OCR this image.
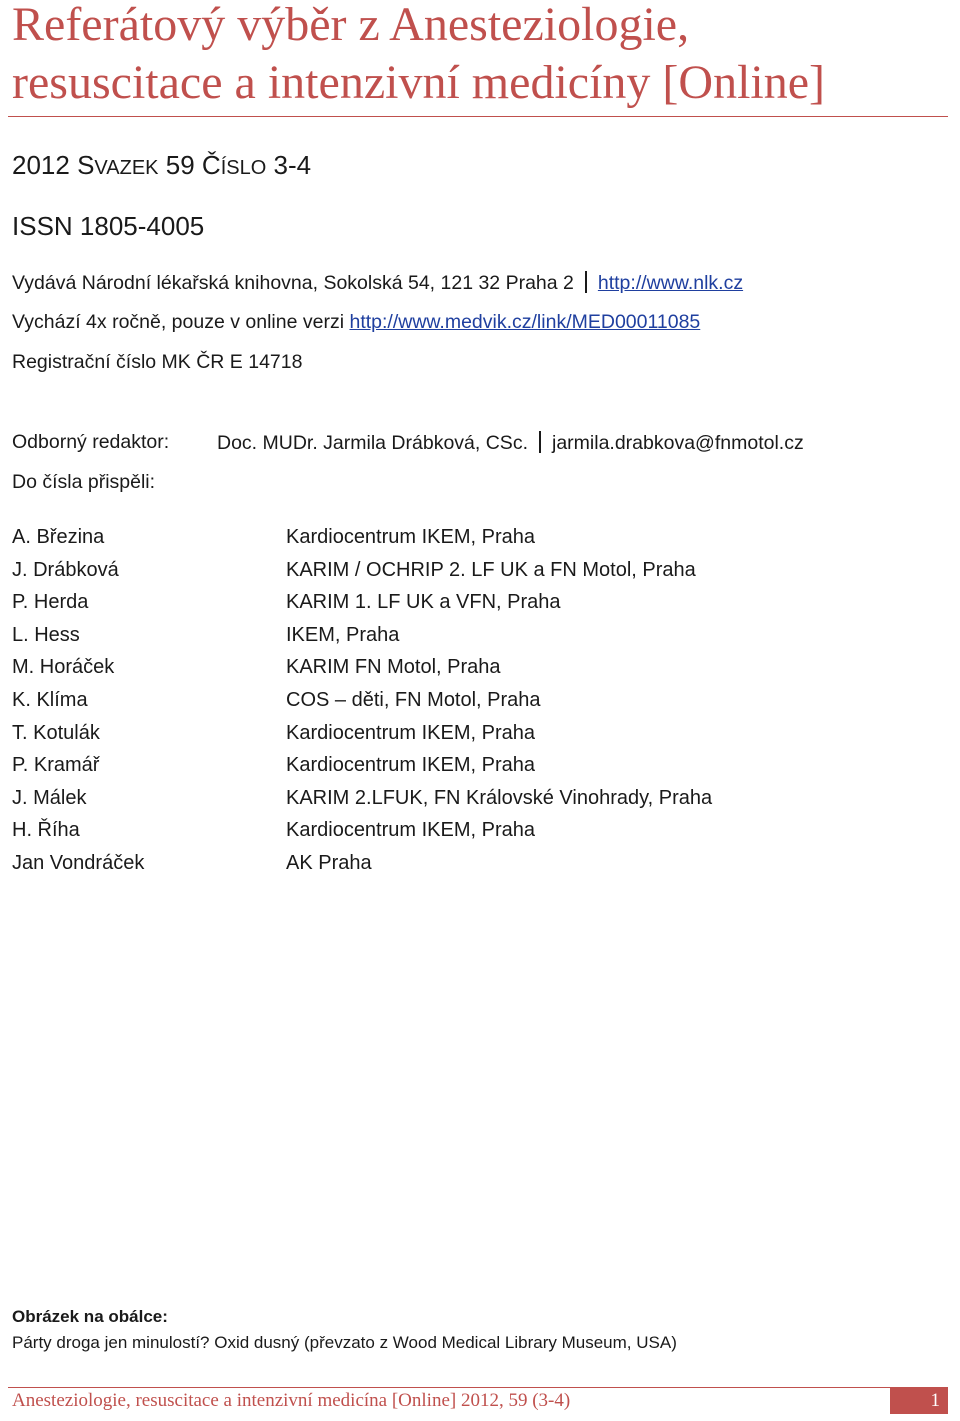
Referátový výběr z Anesteziologie,
resuscitace a intenzivní medicíny [Online]
2012 SVAZEK 59 ČÍSLO 3-4
ISSN 1805-4005
Vydává Národní lékařská knihovna, Sokolská 54, 121 32 Praha 2 http://www.nlk.cz
Vychází 4x ročně, pouze v online verzi http://www.medvik.cz/link/MED00011085
Registrační číslo MK ČR E 14718
Odborný redaktor: Doc. MUDr. Jarmila Drábková, CSc. jarmila.drabkova@fnmotol.cz
Do čísla přispěli:
A. Březina	Kardiocentrum IKEM, Praha
J. Drábková	KARIM / OCHRIP 2. LF UK a FN Motol, Praha
P. Herda	KARIM 1. LF UK a VFN, Praha
L. Hess	IKEM, Praha
M. Horáček	KARIM FN Motol, Praha
K. Klíma	COS – děti, FN Motol, Praha
T. Kotulák	Kardiocentrum IKEM, Praha
P. Kramář	Kardiocentrum IKEM, Praha
J. Málek	KARIM 2.LFUK, FN Královské Vinohrady, Praha
H. Říha	Kardiocentrum IKEM, Praha
Jan Vondráček	AK Praha
Obrázek na obálce:
Párty droga jen minulostí? Oxid dusný (převzato z Wood Medical Library Museum, USA)
Anesteziologie, resuscitace a intenzivní medicína [Online] 2012, 59 (3-4)	1
